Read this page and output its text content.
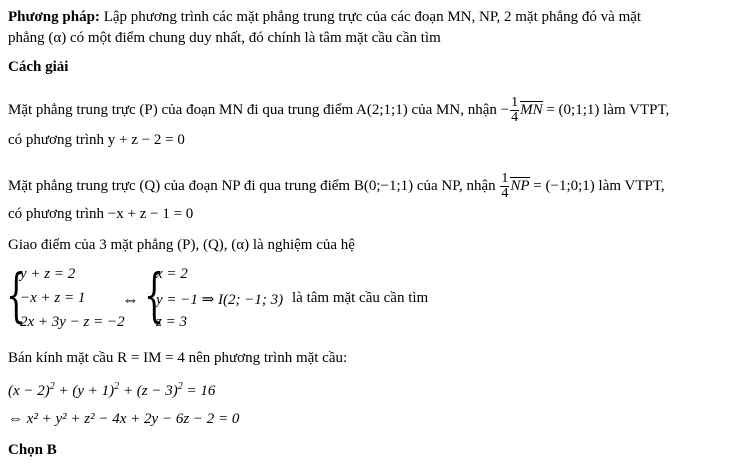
Phương pháp: Lập phương trình các mặt phẳng trung trực của các đoạn MN, NP, 2 mặt phẳng đó và mặt
phẳng (α) có một điểm chung duy nhất, đó chính là tâm mặt cầu cần tìm
Cách giải
Mặt phẳng trung trực (P) của đoạn MN đi qua trung điểm A(2;1;1) của MN, nhận − $\frac{1}{4}$ MN = (0;1;1) làm VTPT,
có phương trình y + z − 2 = 0
Mặt phẳng trung trực (Q) của đoạn NP đi qua trung điểm B(0;−1;1) của NP, nhận $\frac{1}{4}$ NP = (−1;0;1) làm VTPT,
có phương trình −x + z − 1 = 0
Giao điểm của 3 mặt phẳng (P), (Q), (α) là nghiệm của hệ
{
y + z = 2
−x + z = 1
2x + 3y − z = −2
⇔ {
x = 2
y = −1 ⇒ I(2; −1; 3)
z = 3
là tâm mặt cầu cần tìm
Bán kính mặt cầu R = IM = 4 nên phương trình mặt cầu:
$(x - 2)^2 + (y + 1)^2 + (z - 3)^2 = 16$
⇔ x² + y² + z² − 4x + 2y − 6z − 2 = 0
Chọn B
